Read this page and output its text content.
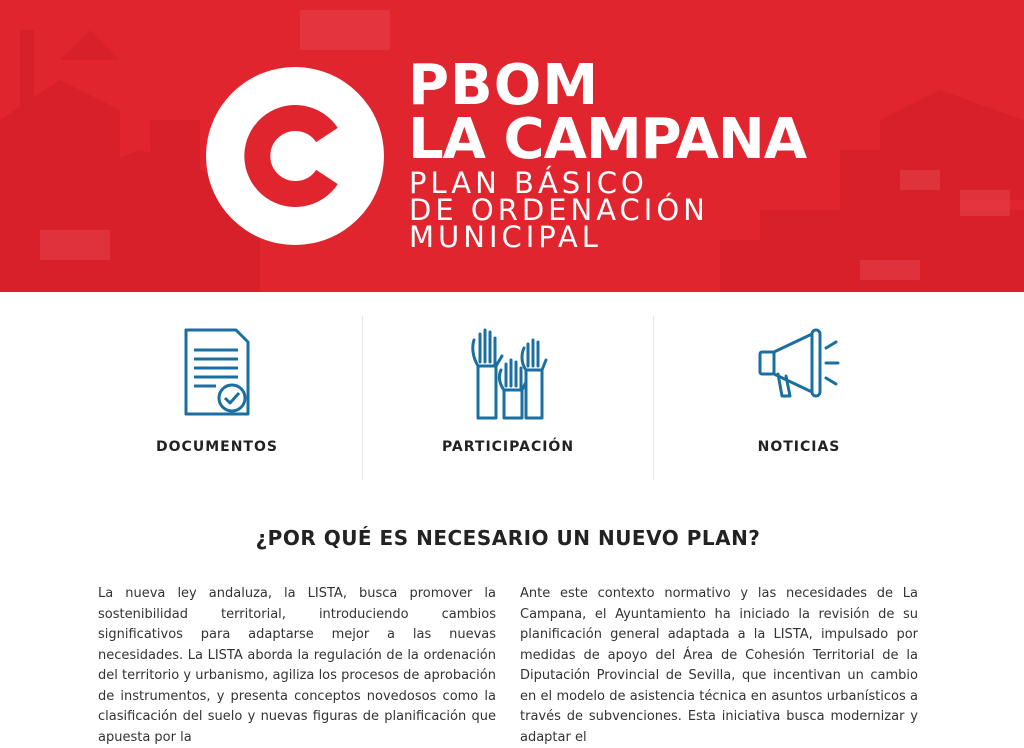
PBOM
LA CAMPANA
PLAN BÁSICO
DE ORDENACIÓN
MUNICIPAL
DOCUMENTOS	PARTICIPACIÓN	NOTICIAS
¿POR QUÉ ES NECESARIO UN NUEVO PLAN?
La nueva ley andaluza, la LISTA, busca promover la sostenibilidad territorial, introduciendo cambios significativos para adaptarse mejor a las nuevas necesidades. La LISTA aborda la regulación de la ordenación del territorio y urbanismo, agiliza los procesos de aprobación de instrumentos, y presenta conceptos novedosos como la clasificación del suelo y nuevas figuras de planificación que apuesta por la
Ante este contexto normativo y las necesidades de La Campana, el Ayuntamiento ha iniciado la revisión de su planificación general adaptada a la LISTA, impulsado por medidas de apoyo del Área de Cohesión Territorial de la Diputación Provincial de Sevilla, que incentivan un cambio en el modelo de asistencia técnica en asuntos urbanísticos a través de subvenciones. Esta iniciativa busca modernizar y adaptar el
